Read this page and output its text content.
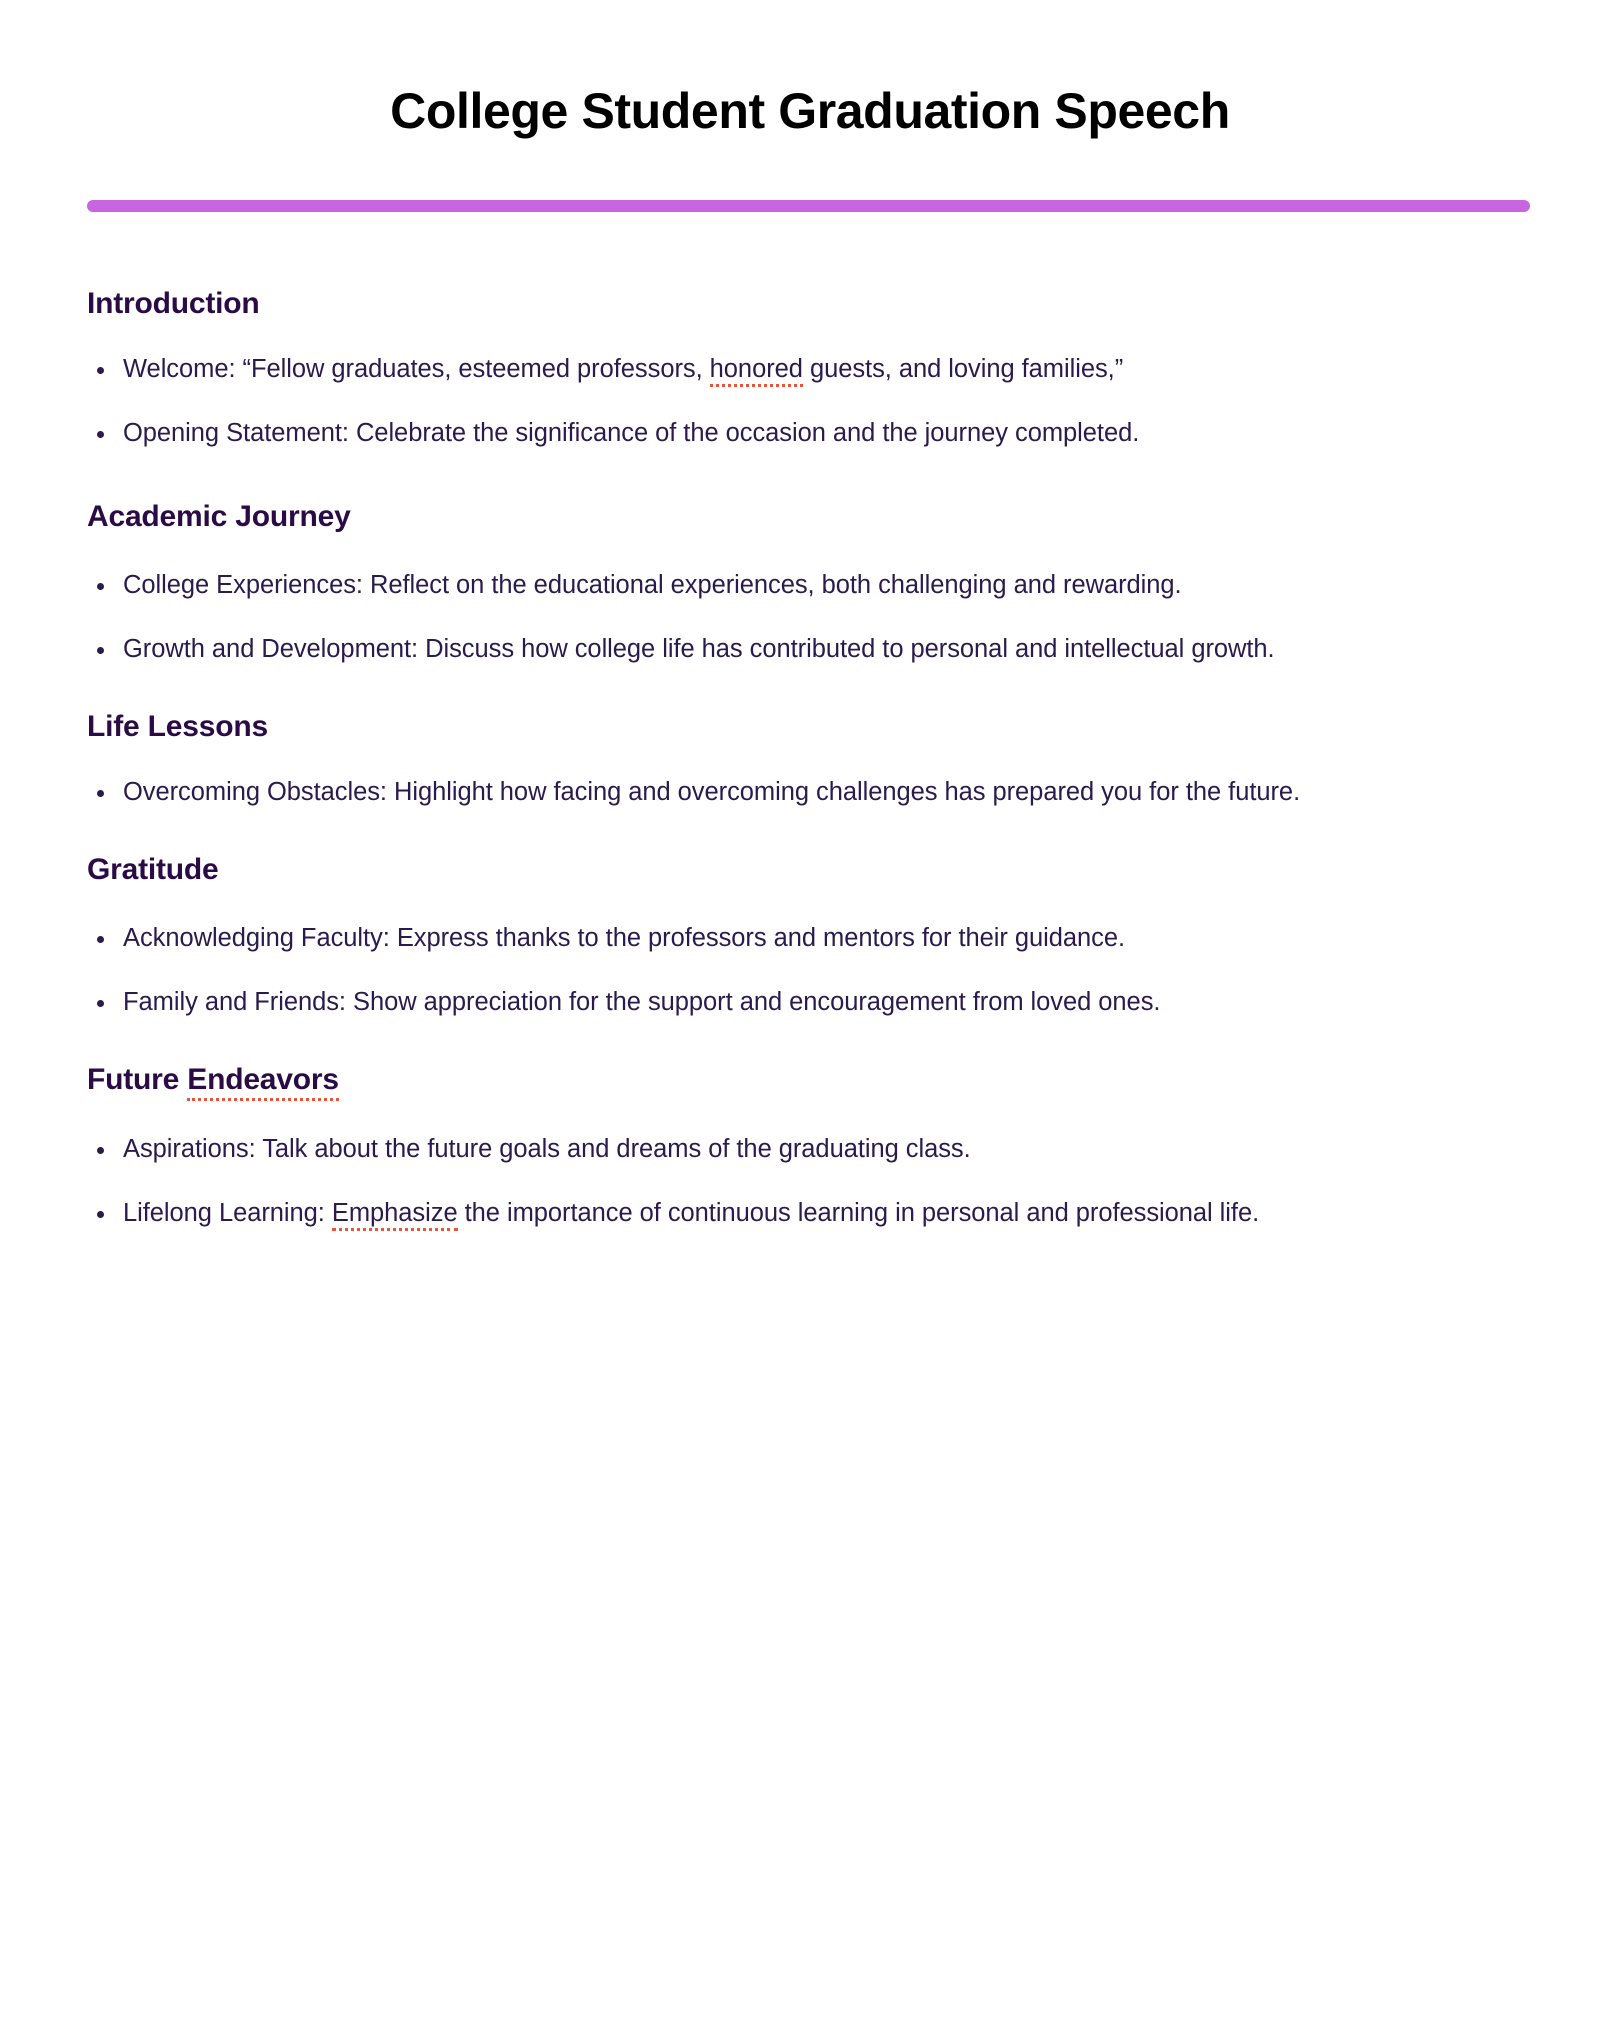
College Student Graduation Speech
Introduction
Welcome: “Fellow graduates, esteemed professors, honored guests, and loving families,”
Opening Statement: Celebrate the significance of the occasion and the journey completed.
Academic Journey
College Experiences: Reflect on the educational experiences, both challenging and rewarding.
Growth and Development: Discuss how college life has contributed to personal and intellectual growth.
Life Lessons
Overcoming Obstacles: Highlight how facing and overcoming challenges has prepared you for the future.
Gratitude
Acknowledging Faculty: Express thanks to the professors and mentors for their guidance.
Family and Friends: Show appreciation for the support and encouragement from loved ones.
Future Endeavors
Aspirations: Talk about the future goals and dreams of the graduating class.
Lifelong Learning: Emphasize the importance of continuous learning in personal and professional life.
